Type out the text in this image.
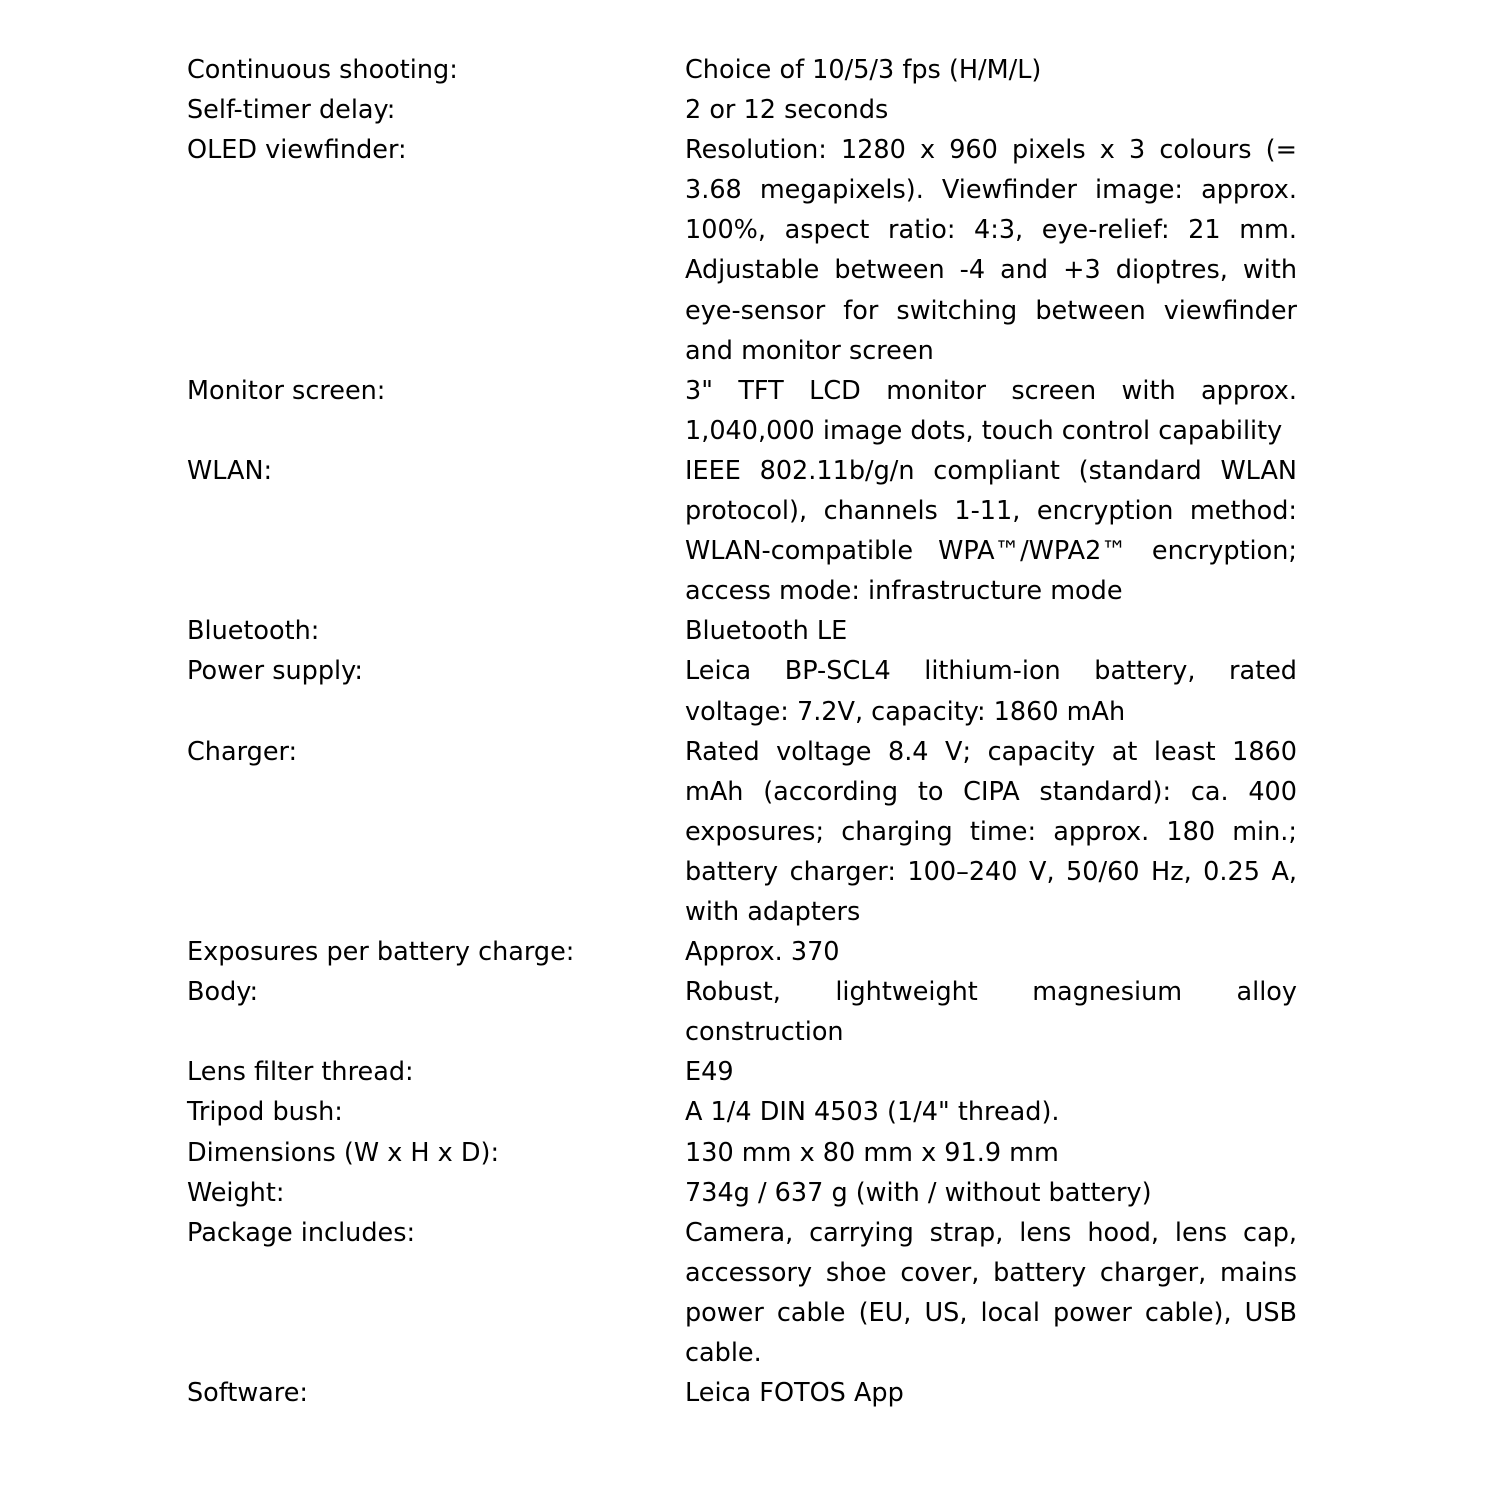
Continuous shooting:	Choice of 10/5/3 fps (H/M/L)
Self-timer delay:	2 or 12 seconds
OLED viewfinder:	Resolution: 1280 x 960 pixels x 3 colours (= 3.68 megapixels). Viewfinder image: approx. 100%, aspect ratio: 4:3, eye-relief: 21 mm. Adjustable between -4 and +3 dioptres, with eye-sensor for switching between viewfinder and monitor screen
Monitor screen:	3" TFT LCD monitor screen with approx. 1,040,000 image dots, touch control capability
WLAN:	IEEE 802.11b/g/n compliant (standard WLAN protocol), channels 1-11, encryption method: WLAN-compatible WPA™/WPA2™ encryption; access mode: infrastructure mode
Bluetooth:	Bluetooth LE
Power supply:	Leica BP-SCL4 lithium-ion battery, rated voltage: 7.2V, capacity: 1860 mAh
Charger:	Rated voltage 8.4 V; capacity at least 1860 mAh (according to CIPA standard): ca. 400 exposures; charging time: approx. 180 min.; battery charger: 100–240 V, 50/60 Hz, 0.25 A, with adapters
Exposures per battery charge:	Approx. 370
Body:	Robust, lightweight magnesium alloy construction
Lens filter thread:	E49
Tripod bush:	A 1/4 DIN 4503 (1/4" thread).
Dimensions (W x H x D):	130 mm x 80 mm x 91.9 mm
Weight:	734g / 637 g (with / without battery)
Package includes:	Camera, carrying strap, lens hood, lens cap, accessory shoe cover, battery charger, mains power cable (EU, US, local power cable), USB cable.
Software:	Leica FOTOS App
